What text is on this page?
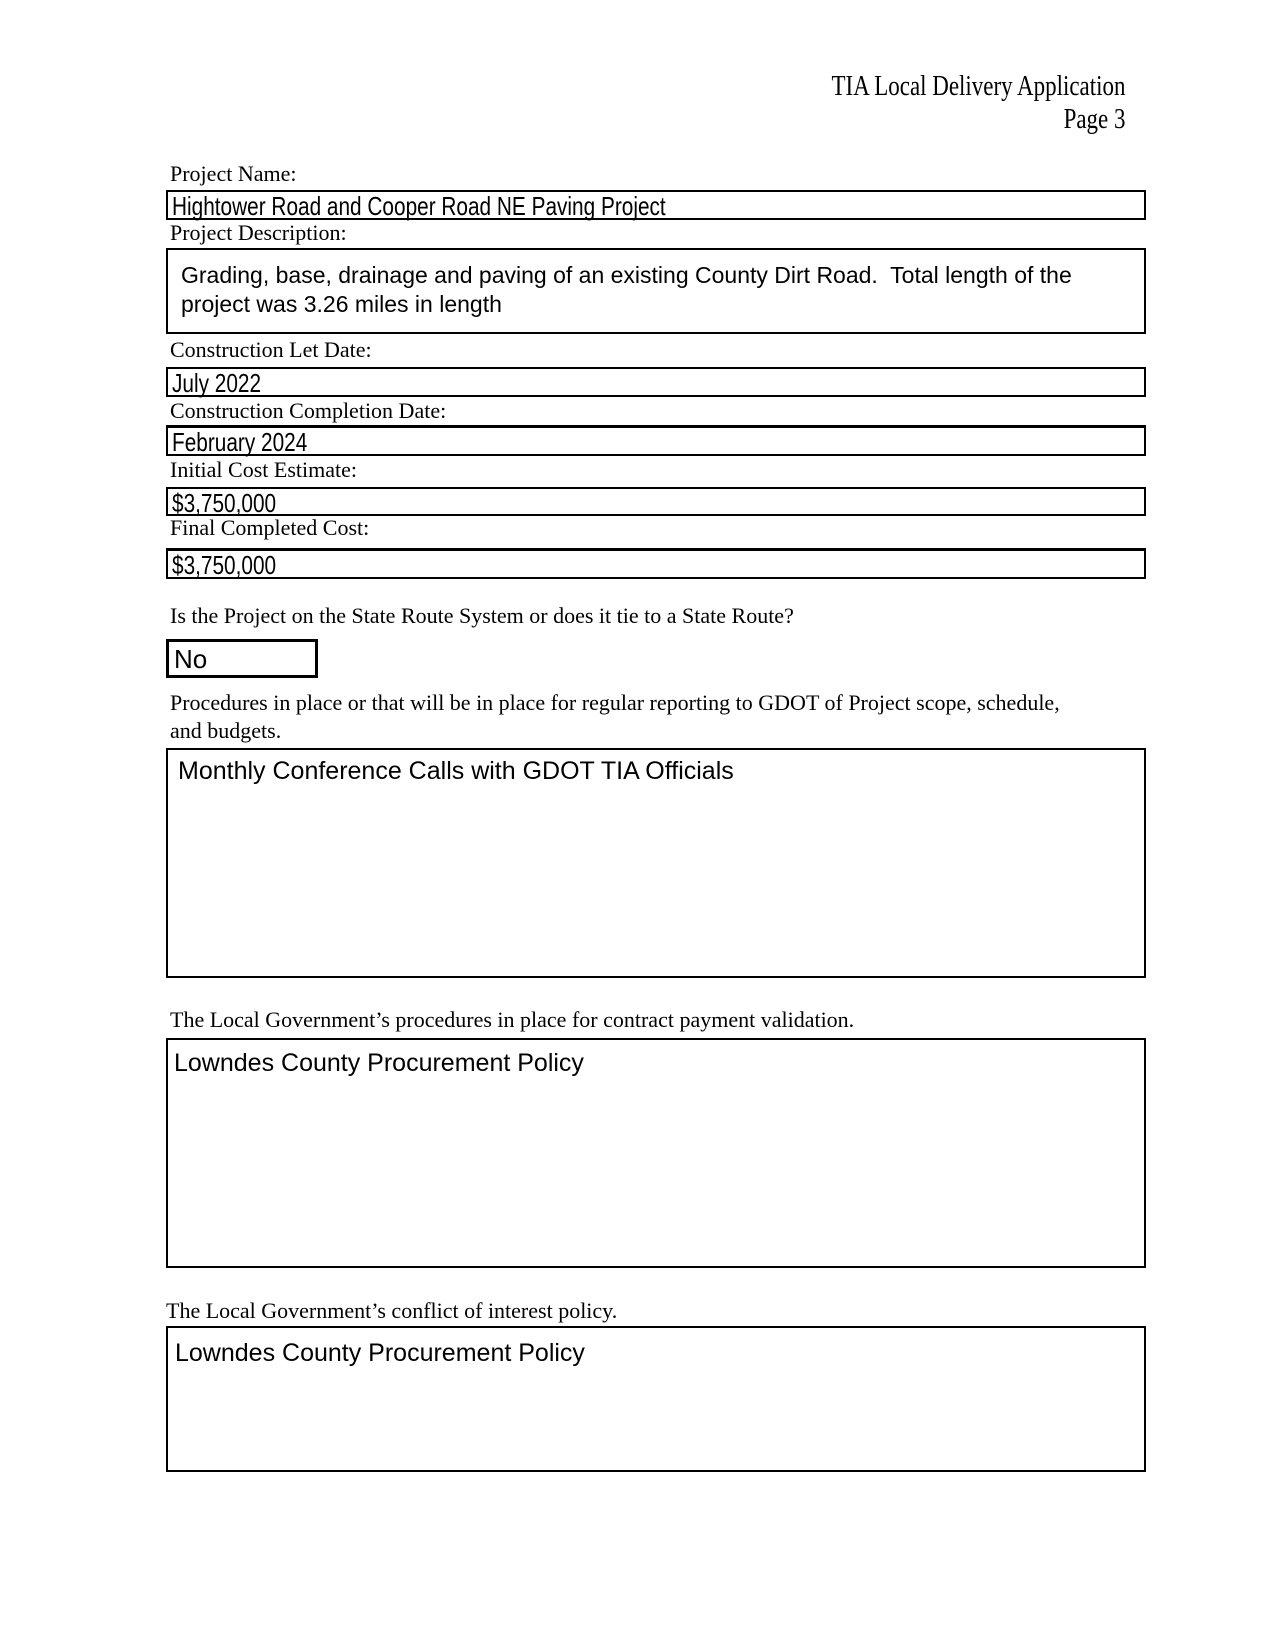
TIA Local Delivery Application
Page 3
Project Name:
Hightower Road and Cooper Road NE Paving Project
Project Description:
Grading, base, drainage and paving of an existing County Dirt Road.  Total length of the project was 3.26 miles in length
Construction Let Date:
July 2022
Construction Completion Date:
February 2024
Initial Cost Estimate:
$3,750,000
Final Completed Cost:
$3,750,000
Is the Project on the State Route System or does it tie to a State Route?
No
Procedures in place or that will be in place for regular reporting to GDOT of Project scope, schedule, and budgets.
Monthly Conference Calls with GDOT TIA Officials
The Local Government’s procedures in place for contract payment validation.
Lowndes County Procurement Policy
The Local Government’s conflict of interest policy.
Lowndes County Procurement Policy
